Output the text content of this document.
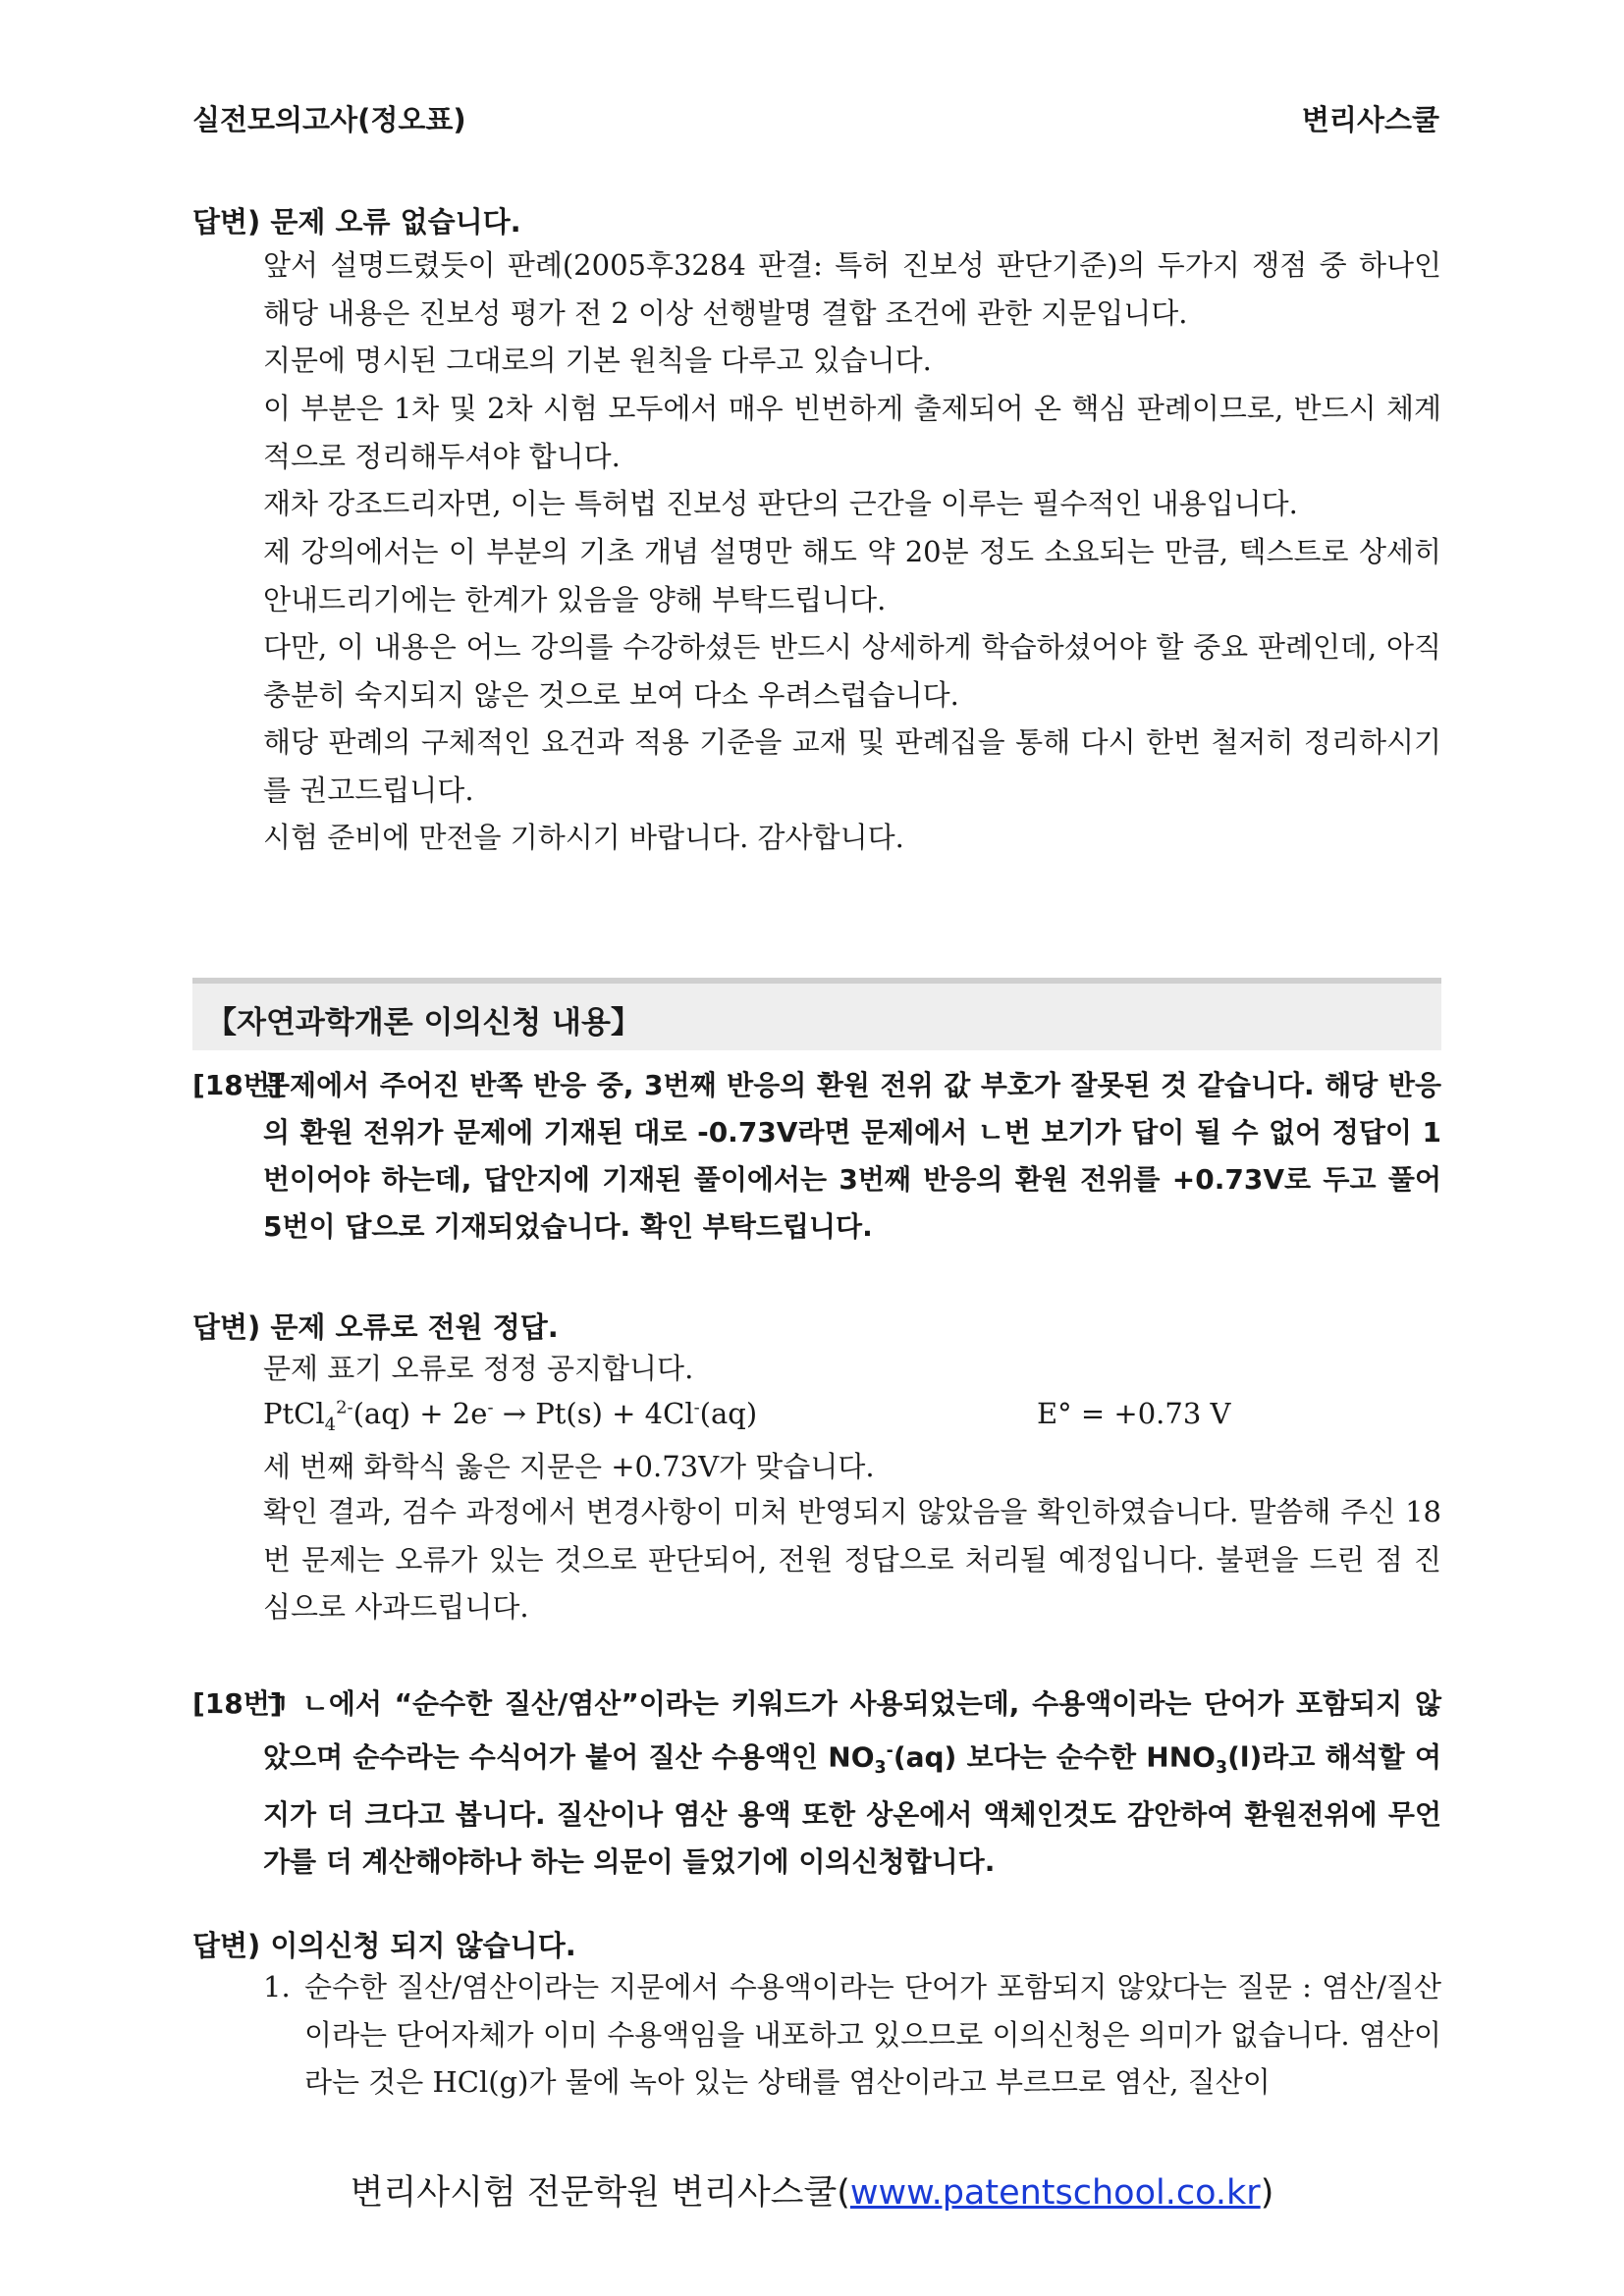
실전모의고사(정오표)	변리사스쿨
답변) 문제 오류 없습니다.
앞서 설명드렸듯이 판례(2005후3284 판결: 특허 진보성 판단기준)의 두가지 쟁점 중 하나인 해당 내용은 진보성 평가 전 2 이상 선행발명 결합 조건에 관한 지문입니다.
지문에 명시된 그대로의 기본 원칙을 다루고 있습니다.
이 부분은 1차 및 2차 시험 모두에서 매우 빈번하게 출제되어 온 핵심 판례이므로, 반드시 체계적으로 정리해두셔야 합니다.
재차 강조드리자면, 이는 특허법 진보성 판단의 근간을 이루는 필수적인 내용입니다.
제 강의에서는 이 부분의 기초 개념 설명만 해도 약 20분 정도 소요되는 만큼, 텍스트로 상세히 안내드리기에는 한계가 있음을 양해 부탁드립니다.
다만, 이 내용은 어느 강의를 수강하셨든 반드시 상세하게 학습하셨어야 할 중요 판례인데, 아직 충분히 숙지되지 않은 것으로 보여 다소 우려스럽습니다.
해당 판례의 구체적인 요건과 적용 기준을 교재 및 판례집을 통해 다시 한번 철저히 정리하시기를 권고드립니다.
시험 준비에 만전을 기하시기 바랍니다. 감사합니다.
【자연과학개론 이의신청 내용】
[18번]
문제에서 주어진 반쪽 반응 중, 3번째 반응의 환원 전위 값 부호가 잘못된 것 같습니다. 해당 반응의 환원 전위가 문제에 기재된 대로 -0.73V라면 문제에서 ㄴ번 보기가 답이 될 수 없어 정답이 1번이어야 하는데, 답안지에 기재된 풀이에서는 3번째 반응의 환원 전위를 +0.73V로 두고 풀어 5번이 답으로 기재되었습니다. 확인 부탁드립니다.
답변) 문제 오류로 전원 정답.
문제 표기 오류로 정정 공지합니다.
PtCl$_4^{2-}$(aq) + 2e- → Pt(s) + 4Cl-(aq)	E° = +0.73 V
세 번째 화학식 옳은 지문은 +0.73V가 맞습니다.
확인 결과, 검수 과정에서 변경사항이 미처 반영되지 않았음을 확인하였습니다. 말씀해 주신 18번 문제는 오류가 있는 것으로 판단되어, 전원 정답으로 처리될 예정입니다. 불편을 드린 점 진심으로 사과드립니다.
[18번]
ㄱ ㄴ에서 “순수한 질산/염산”이라는 키워드가 사용되었는데, 수용액이라는 단어가 포함되지 않았으며 순수라는 수식어가 붙어 질산 수용액인 $NO_3^-(aq)$ 보다는 순수한 $HNO_3(l)$라고 해석할 여지가 더 크다고 봅니다. 질산이나 염산 용액 또한 상온에서 액체인것도 감안하여 환원전위에 무언가를 더 계산해야하나 하는 의문이 들었기에 이의신청합니다.
답변) 이의신청 되지 않습니다.
1. 순수한 질산/염산이라는 지문에서 수용액이라는 단어가 포함되지 않았다는 질문 : 염산/질산이라는 단어자체가 이미 수용액임을 내포하고 있으므로 이의신청은 의미가 없습니다. 염산이라는 것은 HCl(g)가 물에 녹아 있는 상태를 염산이라고 부르므로 염산, 질산이
변리사시험 전문학원 변리사스쿨(www.patentschool.co.kr)
